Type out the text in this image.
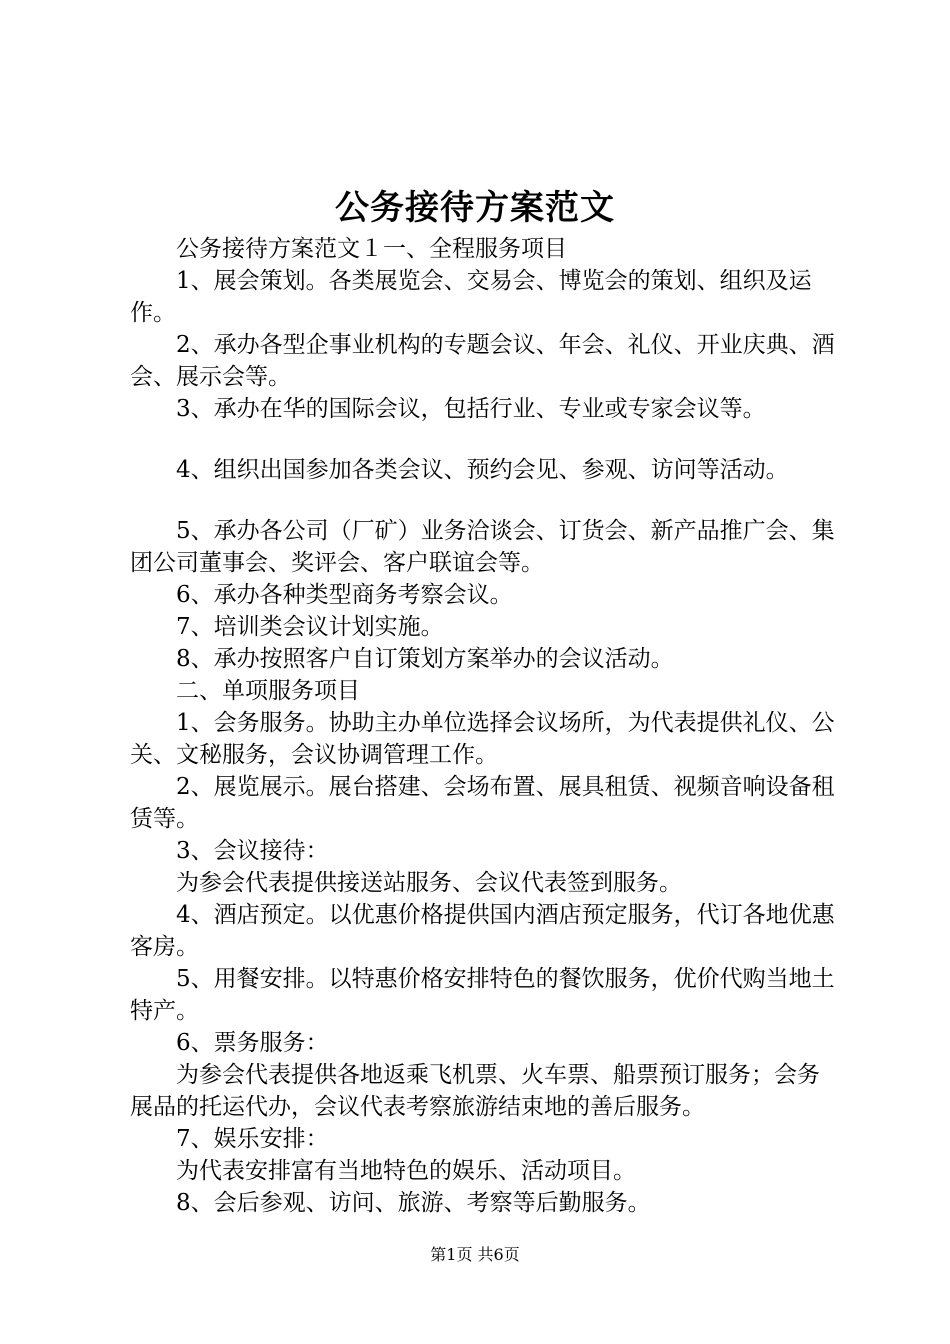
公务接待方案范文

公务接待方案范文１一、全程服务项目

1、展会策划。各类展览会、交易会、博览会的策划、组织及运作。

2、承办各型企事业机构的专题会议、年会、礼仪、开业庆典、酒会、展示会等。

3、承办在华的国际会议，包括行业、专业或专家会议等。

4、组织出国参加各类会议、预约会见、参观、访问等活动。

5、承办各公司（厂矿）业务洽谈会、订货会、新产品推广会、集团公司董事会、奖评会、客户联谊会等。

6、承办各种类型商务考察会议。

7、培训类会议计划实施。

8、承办按照客户自订策划方案举办的会议活动。

二、单项服务项目

1、会务服务。协助主办单位选择会议场所，为代表提供礼仪、公关、文秘服务，会议协调管理工作。

2、展览展示。展台搭建、会场布置、展具租赁、视频音响设备租赁等。

3、会议接待：

为参会代表提供接送站服务、会议代表签到服务。

4、酒店预定。以优惠价格提供国内酒店预定服务，代订各地优惠客房。

5、用餐安排。以特惠价格安排特色的餐饮服务，优价代购当地土特产。

6、票务服务：

为参会代表提供各地返乘飞机票、火车票、船票预订服务；会务展品的托运代办，会议代表考察旅游结束地的善后服务。

7、娱乐安排：

为代表安排富有当地特色的娱乐、活动项目。

8、会后参观、访问、旅游、考察等后勤服务。

第1页 共6页
